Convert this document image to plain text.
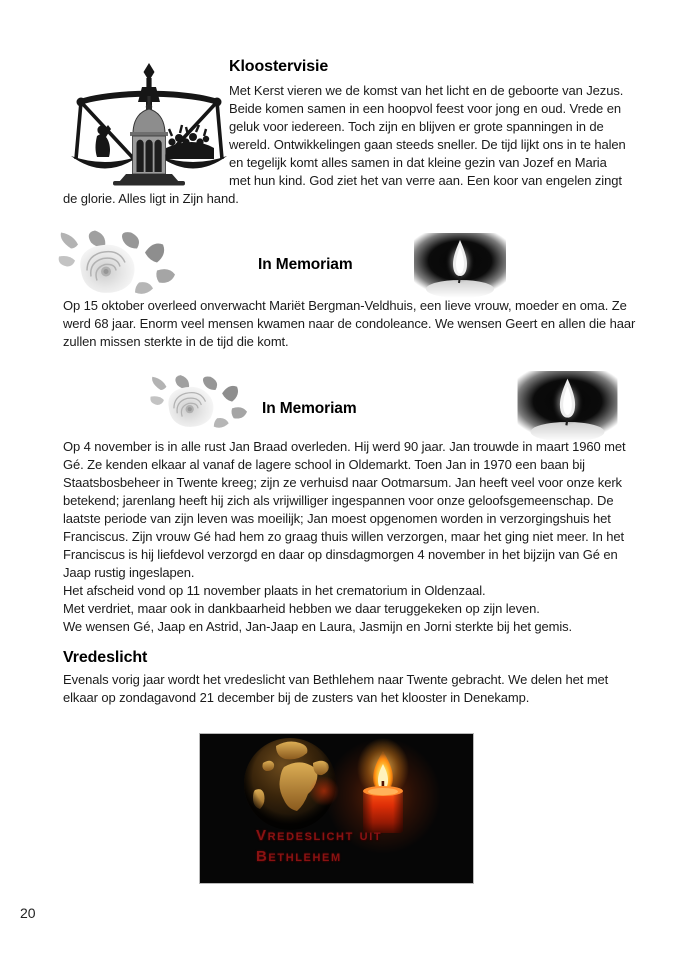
Kloostervisie

Met Kerst vieren we de komst van het licht en de geboorte van Jezus. Beide komen samen in een hoopvol feest voor jong en oud. Vrede en geluk voor iedereen. Toch zijn en blijven er grote spanningen in de wereld. Ontwikkelingen gaan steeds sneller. De tijd lijkt ons in te halen en tegelijk komt alles samen in dat kleine gezin van Jozef en Maria met hun kind. God ziet het van verre aan. Een koor van engelen zingt de glorie. Alles ligt in Zijn hand.

In Memoriam

Op 15 oktober overleed onverwacht Mariët Bergman-Veldhuis, een lieve vrouw, moeder en oma. Ze werd 68 jaar. Enorm veel mensen kwamen naar de condoleance. We wensen Geert en allen die haar zullen missen sterkte in de tijd die komt.

In Memoriam

Op 4 november is in alle rust Jan Braad overleden. Hij werd 90 jaar. Jan trouwde in maart 1960 met Gé. Ze kenden elkaar al vanaf de lagere school in Oldemarkt. Toen Jan in 1970 een baan bij Staatsbosbeheer in Twente kreeg; zijn ze verhuisd naar Ootmarsum. Jan heeft veel voor onze kerk betekend; jarenlang heeft hij zich als vrijwilliger ingespannen voor onze geloofsgemeenschap. De laatste periode van zijn leven was moeilijk; Jan moest opgenomen worden in verzorgingshuis het Franciscus. Zijn vrouw Gé had hem zo graag thuis willen verzorgen, maar het ging niet meer. In het Franciscus is hij liefdevol verzorgd en daar op dinsdagmorgen 4 november in het bijzijn van Gé en Jaap rustig ingeslapen.

Het afscheid vond op 11 november plaats in het crematorium in Oldenzaal.
Met verdriet, maar ook in dankbaarheid hebben we daar teruggekeken op zijn leven.
We wensen Gé, Jaap en Astrid, Jan-Jaap en Laura, Jasmijn en Jorni sterkte bij het gemis.
Vredeslicht

Evenals vorig jaar wordt het vredeslicht van Bethlehem naar Twente gebracht. We delen het met elkaar op zondagavond 21 december bij de zusters van het klooster in Denekamp.

Vredeslicht uit
Bethlehem
20
